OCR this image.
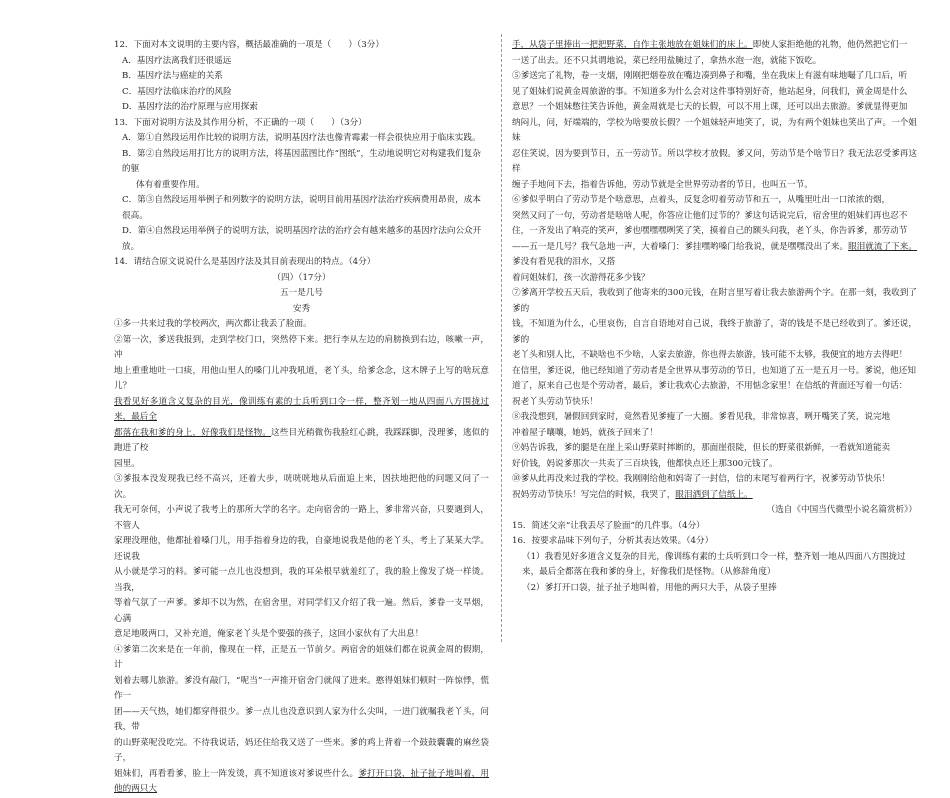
12．下面对本文说明的主要内容，概括最准确的一项是（　　）（3分）

A．基因疗法离我们还很遥远

B．基因疗法与癌症的关系

C．基因疗法临床治疗的风险

D．基因疗法的治疗原理与应用探索

13．下面对说明方法及其作用分析，不正确的一项（　　）（3分）

A．第①自然段运用作比较的说明方法，说明基因疗法也像青霉素一样会很快应用于临床实践。

B．第②自然段运用打比方的说明方法，将基因蓝图比作“图纸”，生动地说明它对构建我们复杂的躯

体有着重要作用。

C．第③自然段运用举例子和列数字的说明方法，说明目前用基因疗法治疗疾病费用昂贵，成本很高。

D．第④自然段运用举例子的说明方法，说明基因疗法的治疗会有越来越多的基因疗法向公众开放。

14．请结合原文说说什么是基因疗法及其目前表现出的特点。（4分）

（四）（17分）

五一是几号

安秀

①多一共来过我的学校两次，两次都让我丢了脸面。

②第一次，爹送我报到，走到学校门口，突然停下来。把行李从左边的肩膀换到右边，咳嗽一声，冲

地上重重地吐一口痰，用他山里人的嗓门儿冲我吼道，老丫头，给爹念念，这木牌子上写的啥玩意儿？

我看见好多道含义复杂的目光，像训练有素的士兵听到口令一样，整齐划一地从四面八方围拢过来，最后全

都落在我和爹的身上，好像我们是怪物。这些目光稍微伤我脸红心跳，我踩踩脚，没理爹，逃似的跑进了校

园里。

③爹报本没发现我已经不高兴，还着大步，咣咣咣地从后面追上来，因扶地把他的问题又问了一次。

我无可奈何，小声说了我考上的那所大学的名字。走向宿舍的一路上，爹非常兴奋，只要遇到人，不管人

家理没理他，他都扯着嗓门儿，用手指着身边的我，自豪地说我是他的老丫头，考上了某某大学。还说我

从小就是学习的料。爹可能一点儿也没想到，我的耳朵根早就羞红了，我的脸上像发了烧一样烫。当我，

等着气氛了一声爹。爹却不以为然，在宿舍里，对同学们又介绍了我一遍。然后，爹眷一支旱烟，心满

意足地吸两口，又补充道，俺家老丫头是个要强的孩子，这回小家伙有了大出息！

④爹第二次来是在一年前，像现在一样，正是五一节前夕。两宿舍的姐妹们都在说黄金周的假期，计

划着去哪儿旅游。爹没有敲门，“呢当”一声推开宿舍门就闯了进来。憨得姐妹们顿时一阵惊悸，慌作一

团——天气热，她们都穿得很少。爹一点儿也没意识到人家为什么尖叫，一进门就嘱我老丫头，问我，带

的山野菜呢没吃完。不待我说话，妈还住给我又送了一些来。爹的鸡上背着一个鼓鼓囊囊的麻丝袋子，

姐妹们，再看看爹，脸上一阵发烫，真不知道该对爹说些什么。爹打开口袋，扯子扯子地叫着，用他的两只大

手，从袋子里捧出一把把野菜，自作主张地放在姐妹们的床上。即使人家拒绝他的礼物，他仍然把它们一

一送了出去。还不只其谓地说，菜已经用盐腌过了，拿热水泡一泡，就能下饭吃。

⑤爹送完了礼物，卷一支烟，刚刚把烟卷放在嘴边凑到鼻子和嘴，坐在我床上有滋有味地嘬了几口后，听

见了姐妹们说黄金周旅游的事。不知道多为什么会对这件事特别好奇，他站起身，问我们，黄金周是什么

意思？一个姐妹憋往笑告诉他，黄金周就是七天的长假，可以不用上课，还可以出去旅游。爹就显得更加

纳闷儿，问，好端端的，学校为啥要放长假？一个姐妹轻声地笑了，说，为有两个姐妹也笑出了声。一个姐妹

忍住笑说，因为要到节日，五一劳动节。所以学校才放假。爹又问，劳动节是个啥节日？我无法忍受爹再这样

缠子手地问下去，指着告诉他，劳动节就是全世界劳动者的节日，也叫五一节。

⑥爹似乎明白了劳动节是个啥意思，点着头，反复念叨着劳动节和五一，从嘴里吐出一口浓浓的烟，

突然又问了一句，劳动者是啥啥人呢，你答应让他们过节的？爹这句话说完后，宿舍里的姐妹们再也忍不

住，一齐发出了响亮的笑声，爹也嘿嘿嘿咧笑了笑，摸着自己的额头问我，老丫头，你告诉爹，那劳动节

——五一是几号？我气急地一声，大着嗓门：爹挂嘿哟嗓门给我说，就是嘿嘿没出了来。眼泪就流了下来。爹没有看见我的泪水，又搭

着问姐妹们，孩一次游得花多少钱？

⑦爹离开学校五天后，我收到了他寄来的300元钱，在附言里写着让我去旅游两个字。在那一刻，我收到了爹的

钱，不知道为什么，心里哀伤，自言自语地对自己说，我终于旅游了，寄的钱是不是已经收到了。爹还说，爹的

老丫头和别人比，不缺啥也不少啥，人家去旅游，你也得去旅游，钱可能不太够，我便宜的地方去得吧！

在信里，爹还说，他已经知道了劳动者是全世界从事劳动的节日，也知道了五一是五月一号。爹说，他还知

道了，原来自己也是个劳动者，最后，爹让我欢心去旅游，不用惦念家里！在信纸的背面还写着一句话：

祝老丫头劳动节快乐！

⑧我没想到，暑假回到家时，竟然看见爹瘦了一大圈。爹看见我，非常惊喜，咧开嘴笑了笑，说完地

冲着屋子嚷嚷，她妈，就孩子回来了！

⑨妈告诉我，爹的腿是在崖上采山野菜时摔断的，那面崖很陡，但长的野菜很新鲜，一看就知道能卖

好价钱，妈说爹那次一共卖了三百块钱，他都快点还上那300元钱了。

⑩爹从此再没来过我的学校。我刚刚给他和妈寄了一封信，信的末尾写着两行字，祝爹劳动节快乐！

祝妈劳动节快乐！写完信的时候，我哭了，眼泪洒到了信纸上。

（选自《中国当代微型小说名篇赏析》）

15．简述父亲“让我丢尽了脸面”的几件事。（4分）

16．按要求品味下列句子，分析其表达效果。（4分）

（1）我看见好多道含义复杂的目光，像训练有素的士兵听到口令一样，整齐划一地从四面八方围拢过

来，最后全都落在我和爹的身上，好像我们是怪物。（从修辞角度）

（2）爹打开口袋，扯子扯子地叫着，用他的两只大手，从袋子里捧
